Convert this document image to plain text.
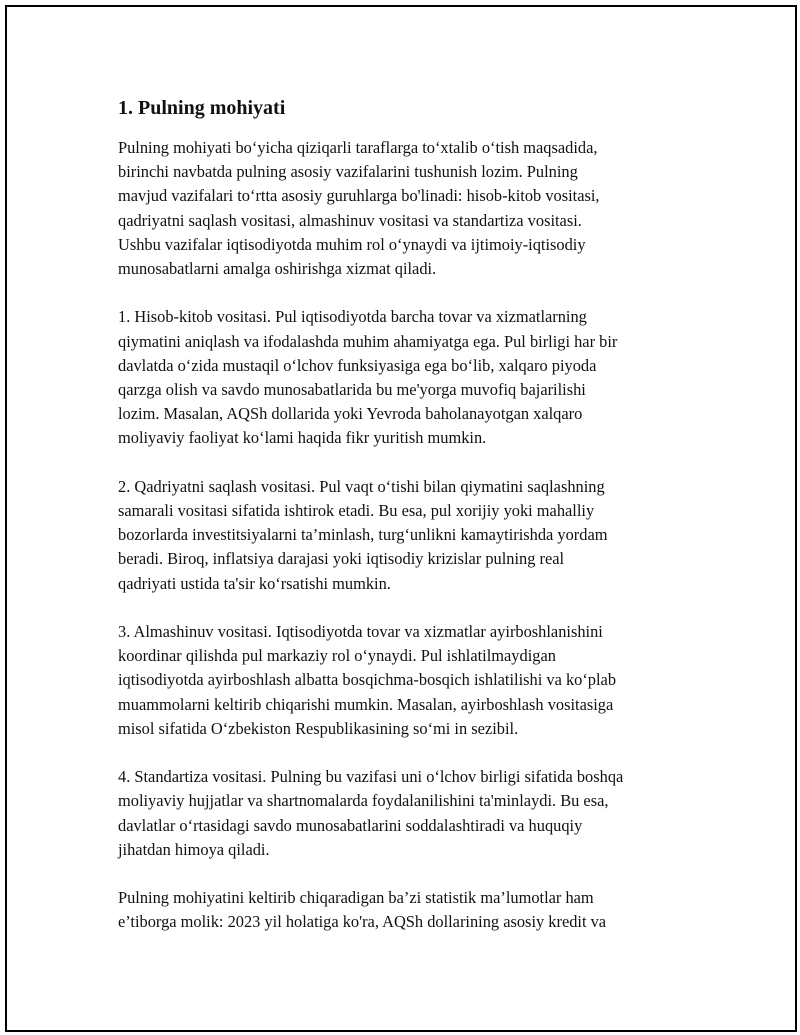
1. Pulning mohiyati
Pulning mohiyati bo‘yicha qiziqarli taraflarga to‘xtalib o‘tish maqsadida,
birinchi navbatda pulning asosiy vazifalarini tushunish lozim. Pulning
mavjud vazifalari to‘rtta asosiy guruhlarga bo'linadi: hisob-kitob vositasi,
qadriyatni saqlash vositasi, almashinuv vositasi va standartiza vositasi.
Ushbu vazifalar iqtisodiyotda muhim rol o‘ynaydi va ijtimoiy-iqtisodiy
munosabatlarni amalga oshirishga xizmat qiladi.
1. Hisob-kitob vositasi. Pul iqtisodiyotda barcha tovar va xizmatlarning
qiymatini aniqlash va ifodalashda muhim ahamiyatga ega. Pul birligi har bir
davlatda o‘zida mustaqil o‘lchov funksiyasiga ega bo‘lib, xalqaro piyoda
qarzga olish va savdo munosabatlarida bu me'yorga muvofiq bajarilishi
lozim. Masalan, AQSh dollarida yoki Yevroda baholanayotgan xalqaro
moliyaviy faoliyat ko‘lami haqida fikr yuritish mumkin.
2. Qadriyatni saqlash vositasi. Pul vaqt o‘tishi bilan qiymatini saqlashning
samarali vositasi sifatida ishtirok etadi. Bu esa, pul xorijiy yoki mahalliy
bozorlarda investitsiyalarni ta’minlash, turg‘unlikni kamaytirishda yordam
beradi. Biroq, inflatsiya darajasi yoki iqtisodiy krizislar pulning real
qadriyati ustida ta'sir ko‘rsatishi mumkin.
3. Almashinuv vositasi. Iqtisodiyotda tovar va xizmatlar ayirboshlanishini
koordinar qilishda pul markaziy rol o‘ynaydi. Pul ishlatilmaydigan
iqtisodiyotda ayirboshlash albatta bosqichma-bosqich ishlatilishi va ko‘plab
muammolarni keltirib chiqarishi mumkin. Masalan, ayirboshlash vositasiga
misol sifatida O‘zbekiston Respublikasining so‘mi in sezibil.
4. Standartiza vositasi. Pulning bu vazifasi uni o‘lchov birligi sifatida boshqa
moliyaviy hujjatlar va shartnomalarda foydalanilishini ta'minlaydi. Bu esa,
davlatlar o‘rtasidagi savdo munosabatlarini soddalashtiradi va huquqiy
jihatdan himoya qiladi.
Pulning mohiyatini keltirib chiqaradigan ba’zi statistik ma’lumotlar ham
e’tiborga molik: 2023 yil holatiga ko'ra, AQSh dollarining asosiy kredit va
